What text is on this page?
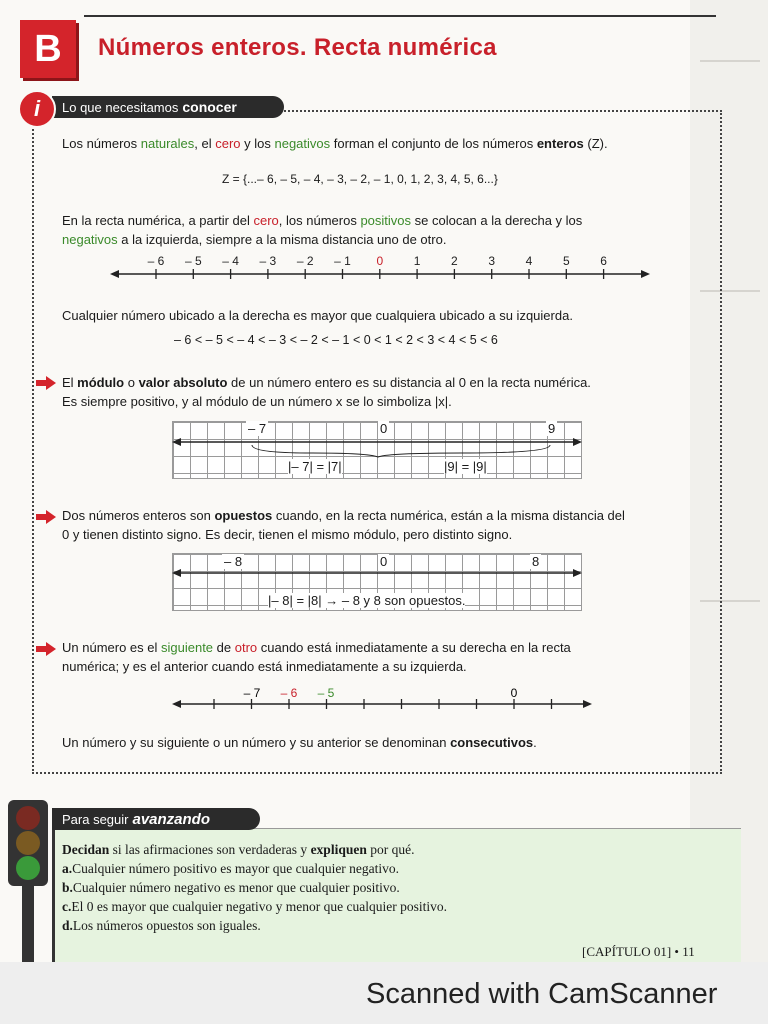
B	Números enteros. Recta numérica
Lo que necesitamos conocer
i
Los números naturales, el cero y los negativos forman el conjunto de los números enteros (Z).
Z = {...– 6, – 5, – 4, – 3, – 2, – 1, 0, 1, 2, 3, 4, 5, 6...}
En la recta numérica, a partir del cero, los números positivos se colocan a la derecha y los
negativos a la izquierda, siempre a la misma distancia uno de otro.
– 6 – 5 – 4 – 3 – 2 – 1 0	1	2	3	4	5	6
Cualquier número ubicado a la derecha es mayor que cualquiera ubicado a su izquierda.
– 6 < – 5 < – 4 < – 3 < – 2 < – 1 < 0 < 1 < 2 < 3 < 4 < 5 < 6
El módulo o valor absoluto de un número entero es su distancia al 0 en la recta numérica.
Es siempre positivo, y al módulo de un número x se lo simboliza |x|.
– 7	0	9
|– 7| = |7|	|9| = |9|
Dos números enteros son opuestos cuando, en la recta numérica, están a la misma distancia del
0 y tienen distinto signo. Es decir, tienen el mismo módulo, pero distinto signo.
– 8	0	8
|– 8| = |8| → – 8 y 8 son opuestos.
Un número es el siguiente de otro cuando está inmediatamente a su derecha en la recta
numérica; y es el anterior cuando está inmediatamente a su izquierda.
– 7 – 6 – 5	0
Un número y su siguiente o un número y su anterior se denominan consecutivos.
Para seguir avanzando
Decidan si las afirmaciones son verdaderas y expliquen por qué.
a.Cualquier número positivo es mayor que cualquier negativo.
b.Cualquier número negativo es menor que cualquier positivo.
c.El 0 es mayor que cualquier negativo y menor que cualquier positivo.
d.Los números opuestos son iguales.
[CAPÍTULO 01] • 11
Scanned with CamScanner
